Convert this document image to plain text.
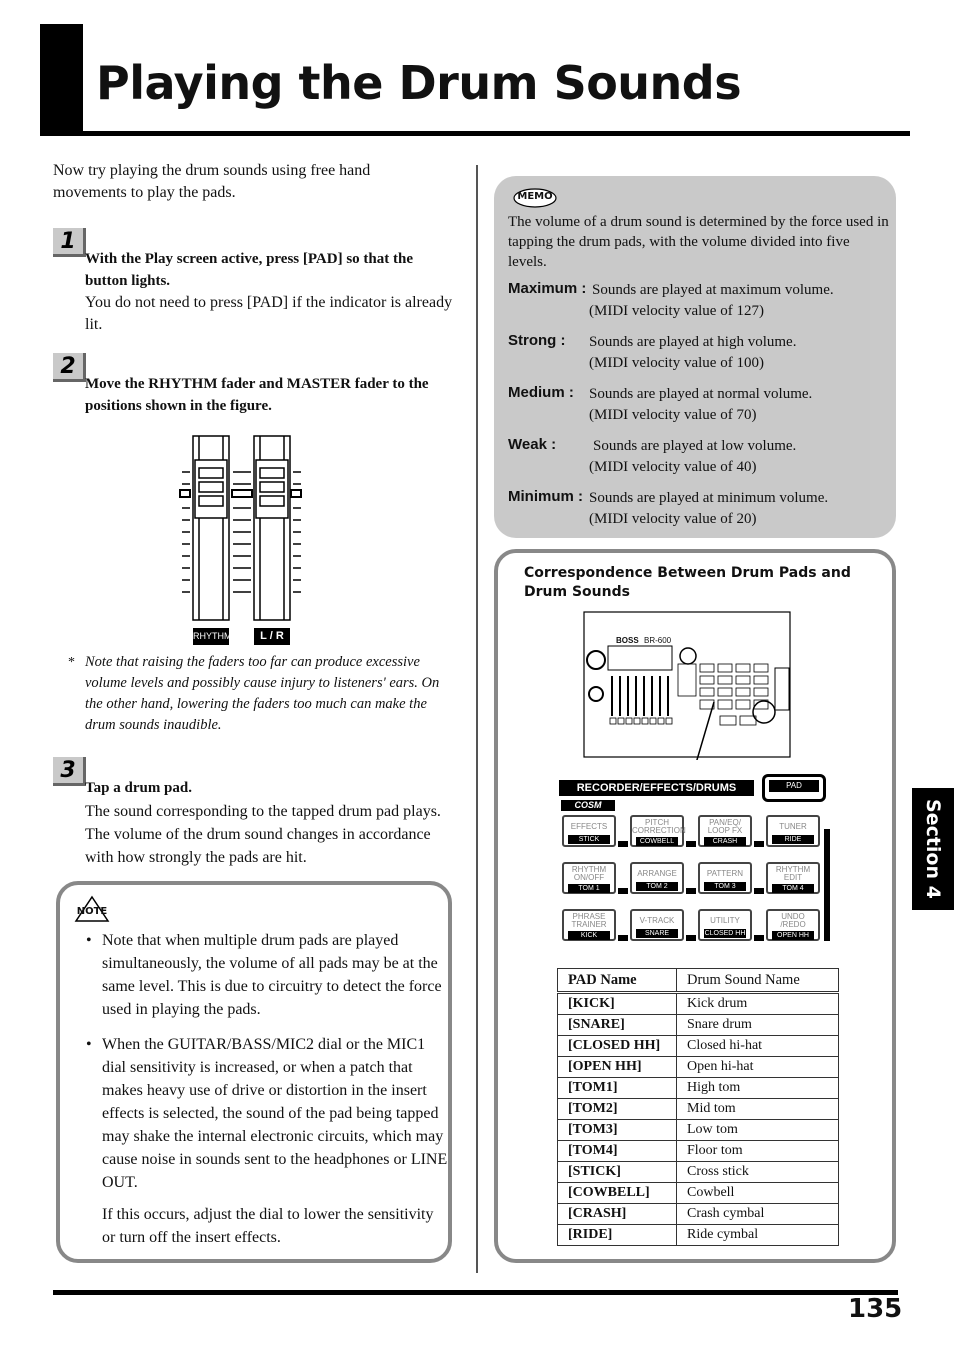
Playing the Drum Sounds
Now try playing the drum sounds using free hand movements to play the pads.
1
With the Play screen active, press [PAD] so that the button lights.
You do not need to press [PAD] if the indicator is already lit.
2
Move the RHYTHM fader and MASTER fader to the positions shown in the figure.
RHYTHM	L / R
* Note that raising the faders too far can produce excessive volume levels and possibly cause injury to listeners' ears. On the other hand, lowering the faders too much can make the drum sounds inaudible.
3
Tap a drum pad.
The sound corresponding to the tapped drum pad plays. The volume of the drum sound changes in accordance with how strongly the pads are hit.
NOTE
• Note that when multiple drum pads are played simultaneously, the volume of all pads may be at the same level. This is due to circuitry to detect the force used in playing the pads.
• When the GUITAR/BASS/MIC2 dial or the MIC1 dial sensitivity is increased, or when a patch that makes heavy use of drive or distortion in the insert effects is selected, the sound of the pad being tapped may shake the internal electronic circuits, which may cause noise in sounds sent to the headphones or LINE OUT.
If this occurs, adjust the dial to lower the sensitivity or turn off the insert effects.
MEMO
The volume of a drum sound is determined by the force used in tapping the drum pads, with the volume divided into five levels.
Maximum : Sounds are played at maximum volume.
(MIDI velocity value of 127)
Strong : Sounds are played at high volume.
(MIDI velocity value of 100)
Medium : Sounds are played at normal volume.
(MIDI velocity value of 70)
Weak : Sounds are played at low volume.
(MIDI velocity value of 40)
Minimum : Sounds are played at minimum volume.
(MIDI velocity value of 20)
Correspondence Between Drum Pads and
Drum Sounds
BOSS BR-600
RECORDER/EFFECTS/DRUMS	PAD
COSM
EFFECTS
STICK
PITCH CORRECTION
COWBELL
PAN/EQ/ LOOP FX
CRASH
TUNER
RIDE
RHYTHM ON/OFF
TOM 1
ARRANGE
TOM 2
PATTERN
TOM 3
RHYTHM EDIT
TOM 4
PHRASE TRAINER
KICK
V-TRACK
SNARE
UTILITY
CLOSED HH
UNDO /REDO
OPEN HH
PAD Name	Drum Sound Name
[KICK]	Kick drum
[SNARE]	Snare drum
[CLOSED HH]	Closed hi-hat
[OPEN HH]	Open hi-hat
[TOM1]	High tom
[TOM2]	Mid tom
[TOM3]	Low tom
[TOM4]	Floor tom
[STICK]	Cross stick
[COWBELL]	Cowbell
[CRASH]	Crash cymbal
[RIDE]	Ride cymbal
Section 4
135
